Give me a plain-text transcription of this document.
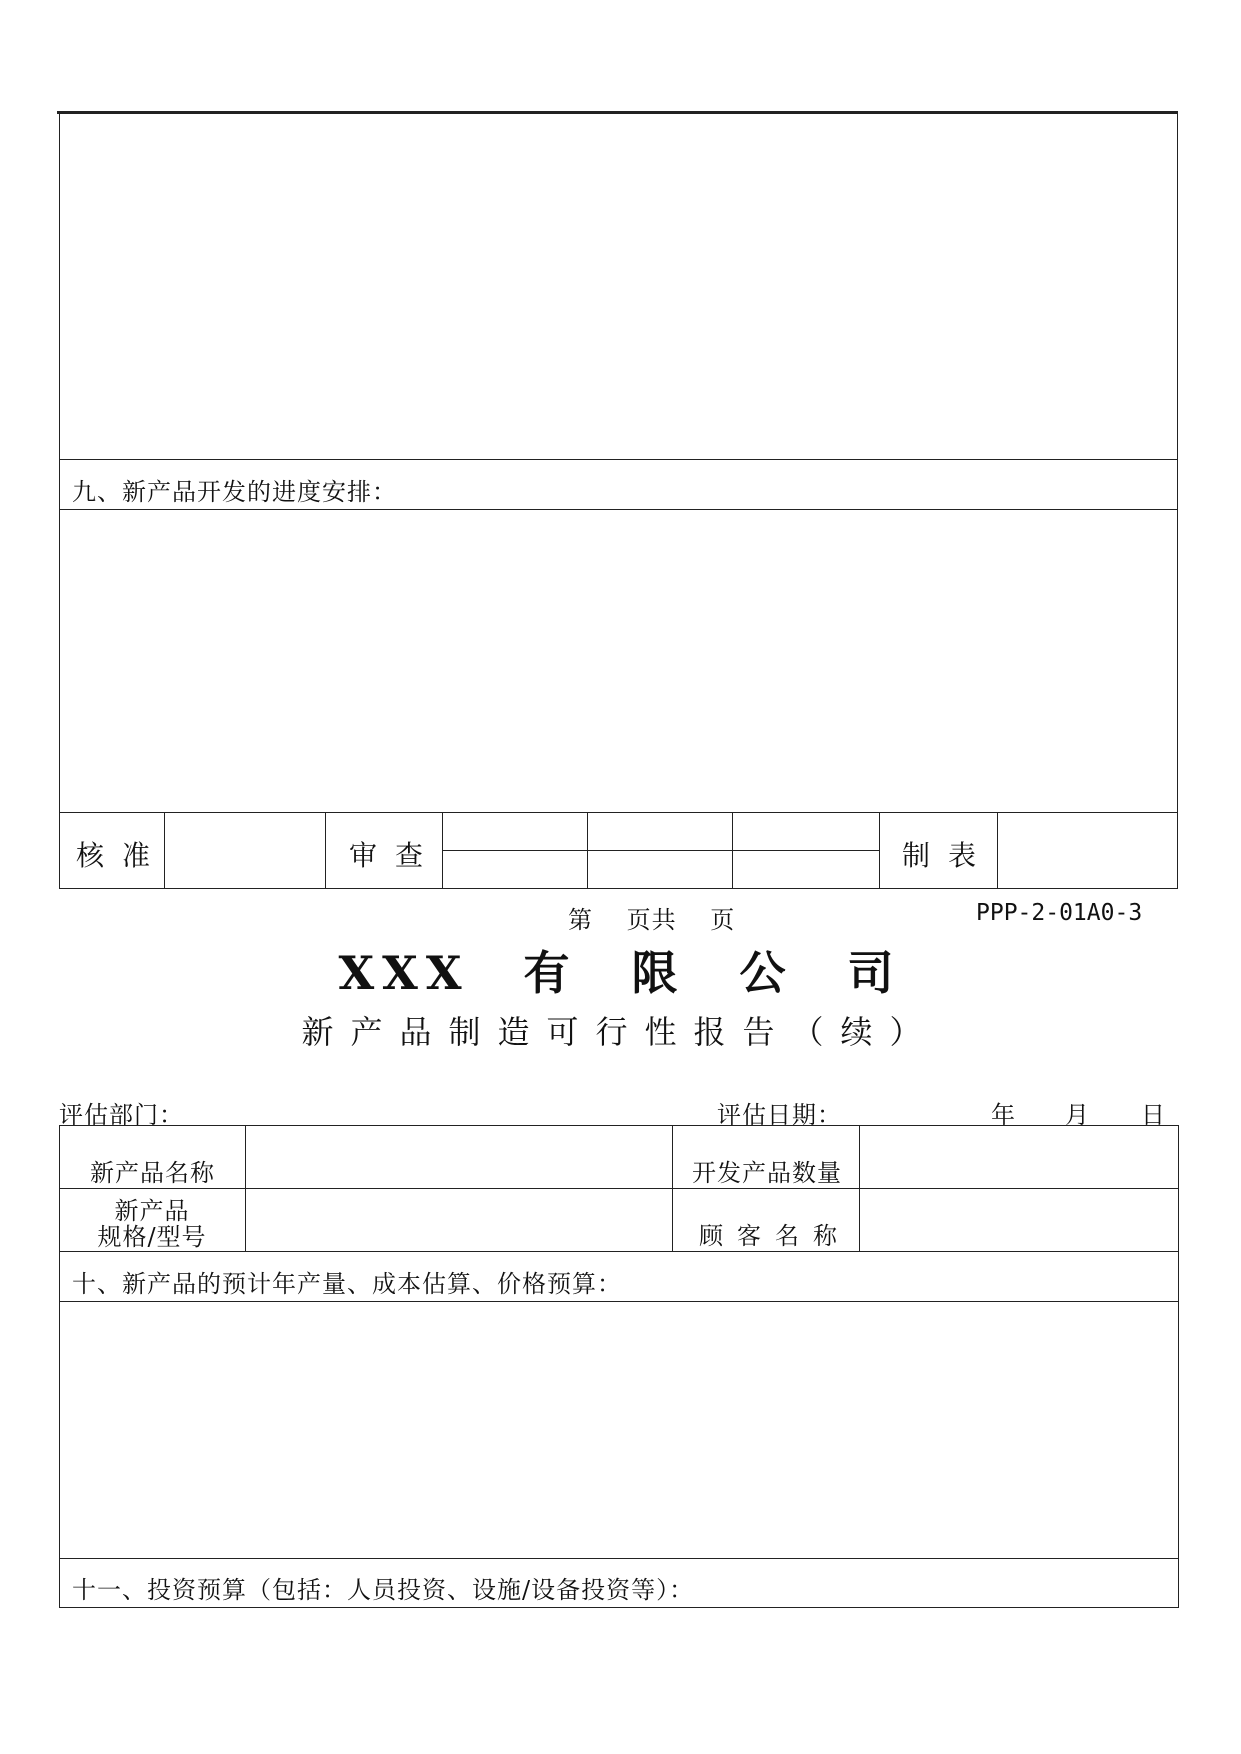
九、新产品开发的进度安排：
核准	审查	制表
第　 页共　 页	PPP-2-01A0-3
XXX　有　限　公　司
新产品制造可行性报告（续）
评估部门：	评估日期：	年 月 日
新产品名称	开发产品数量
新产品
规格/型号	顾客名称
十、新产品的预计年产量、成本估算、价格预算：
十一、投资预算（包括：人员投资、设施/设备投资等）：
